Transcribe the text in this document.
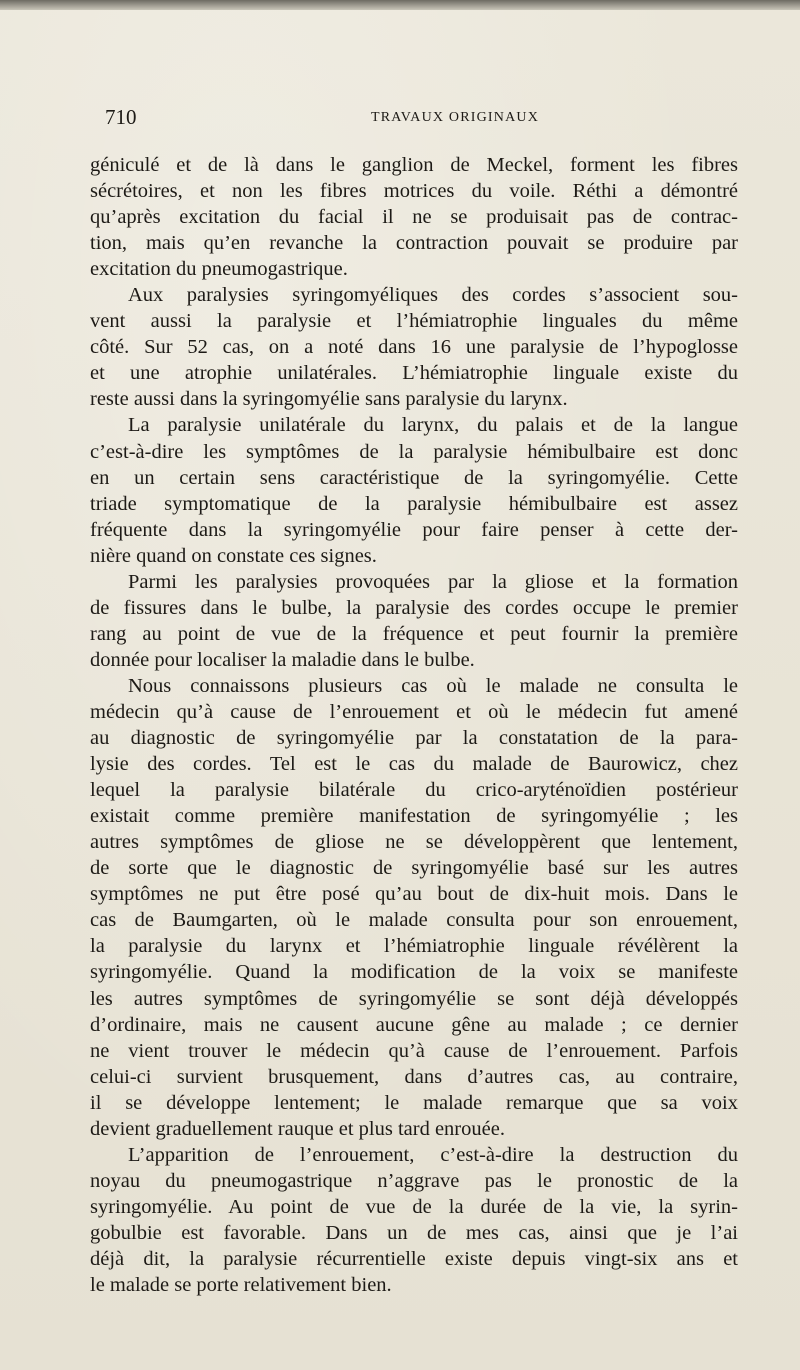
710	TRAVAUX ORIGINAUX
géniculé et de là dans le ganglion de Meckel, forment les fibres
sécrétoires, et non les fibres motrices du voile. Réthi a démontré
qu’après excitation du facial il ne se produisait pas de contrac-
tion, mais qu’en revanche la contraction pouvait se produire par
excitation du pneumogastrique.
Aux paralysies syringomyéliques des cordes s’associent sou-
vent aussi la paralysie et l’hémiatrophie linguales du même
côté. Sur 52 cas, on a noté dans 16 une paralysie de l’hypoglosse
et une atrophie unilatérales. L’hémiatrophie linguale existe du
reste aussi dans la syringomyélie sans paralysie du larynx.
La paralysie unilatérale du larynx, du palais et de la langue
c’est-à-dire les symptômes de la paralysie hémibulbaire est donc
en un certain sens caractéristique de la syringomyélie. Cette
triade symptomatique de la paralysie hémibulbaire est assez
fréquente dans la syringomyélie pour faire penser à cette der-
nière quand on constate ces signes.
Parmi les paralysies provoquées par la gliose et la formation
de fissures dans le bulbe, la paralysie des cordes occupe le premier
rang au point de vue de la fréquence et peut fournir la première
donnée pour localiser la maladie dans le bulbe.
Nous connaissons plusieurs cas où le malade ne consulta le
médecin qu’à cause de l’enrouement et où le médecin fut amené
au diagnostic de syringomyélie par la constatation de la para-
lysie des cordes. Tel est le cas du malade de Baurowicz, chez
lequel la paralysie bilatérale du crico-aryténoïdien postérieur
existait comme première manifestation de syringomyélie ; les
autres symptômes de gliose ne se développèrent que lentement,
de sorte que le diagnostic de syringomyélie basé sur les autres
symptômes ne put être posé qu’au bout de dix-huit mois. Dans le
cas de Baumgarten, où le malade consulta pour son enrouement,
la paralysie du larynx et l’hémiatrophie linguale révélèrent la
syringomyélie. Quand la modification de la voix se manifeste
les autres symptômes de syringomyélie se sont déjà développés
d’ordinaire, mais ne causent aucune gêne au malade ; ce dernier
ne vient trouver le médecin qu’à cause de l’enrouement. Parfois
celui-ci survient brusquement, dans d’autres cas, au contraire,
il se développe lentement; le malade remarque que sa voix
devient graduellement rauque et plus tard enrouée.
L’apparition de l’enrouement, c’est-à-dire la destruction du
noyau du pneumogastrique n’aggrave pas le pronostic de la
syringomyélie. Au point de vue de la durée de la vie, la syrin-
gobulbie est favorable. Dans un de mes cas, ainsi que je l’ai
déjà dit, la paralysie récurrentielle existe depuis vingt-six ans et
le malade se porte relativement bien.
